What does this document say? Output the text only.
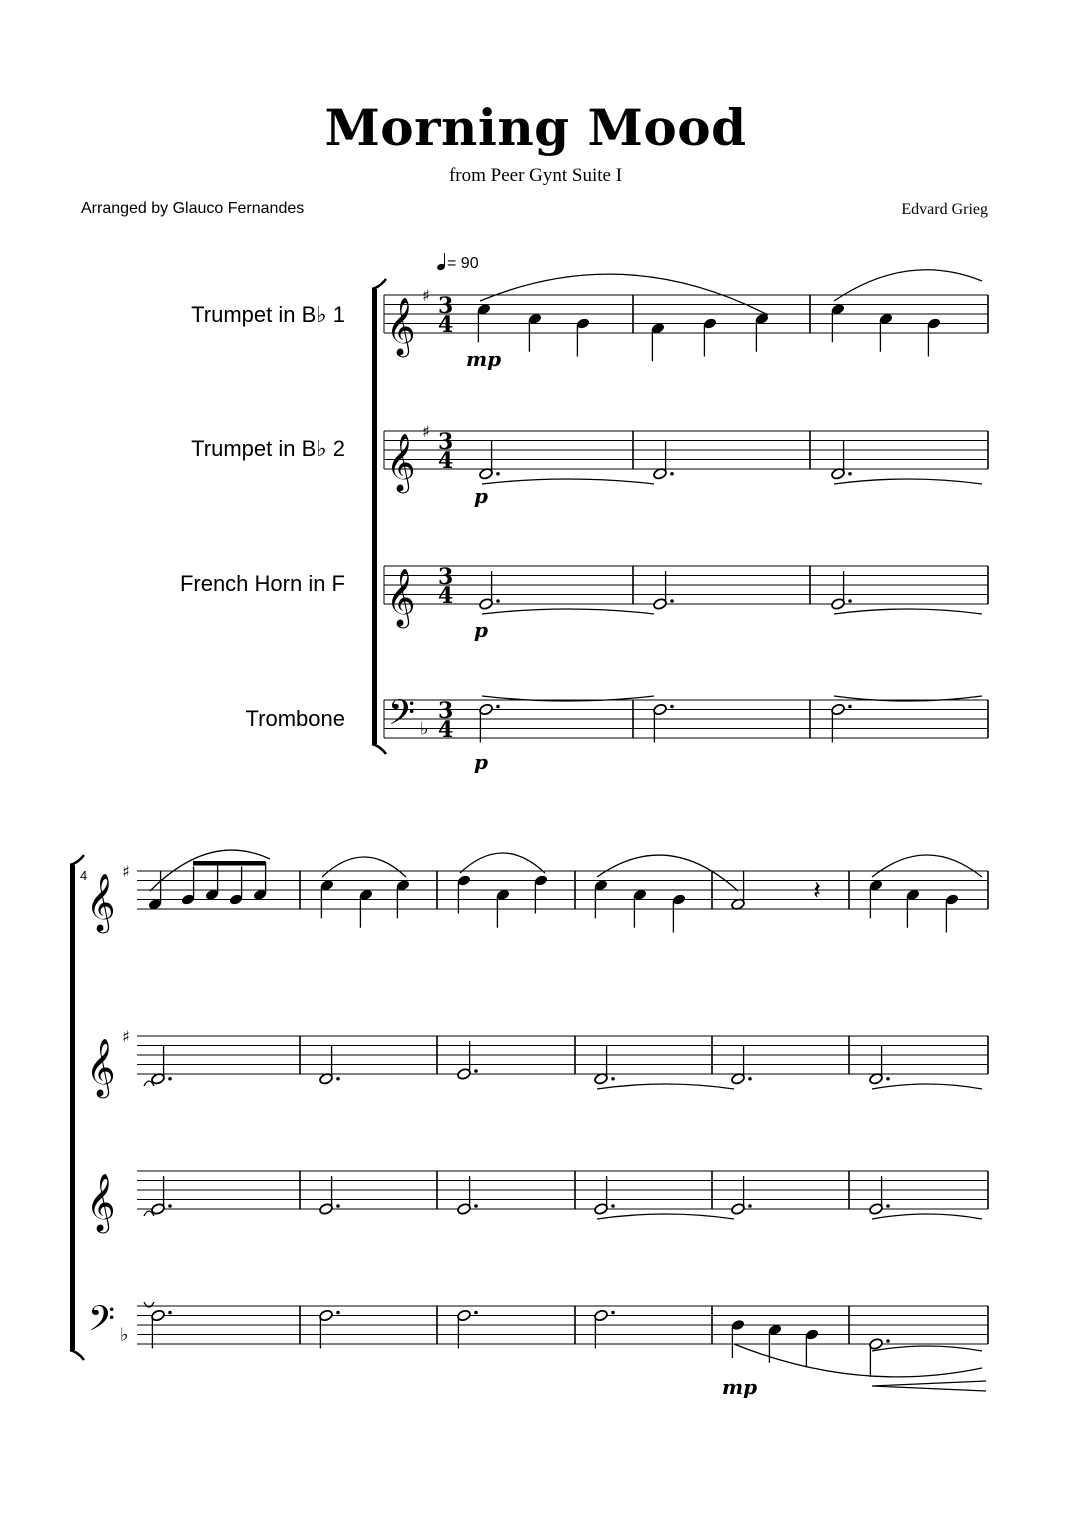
Morning Mood
from Peer Gynt Suite I
Arranged by Glauco Fernandes	Edvard Grieg
= 90
Trumpet in B♭ 1
Trumpet in B♭ 2
French Horn in F
Trombone
4
𝄞
♯ 3
4
𝄞
♯ 3
4
𝄞 3
4
𝄢 ♭
3
4
mp
p
p
p
𝄞
♯
𝄞
♯
𝄞
𝄢 ♭
𝄽
mp
